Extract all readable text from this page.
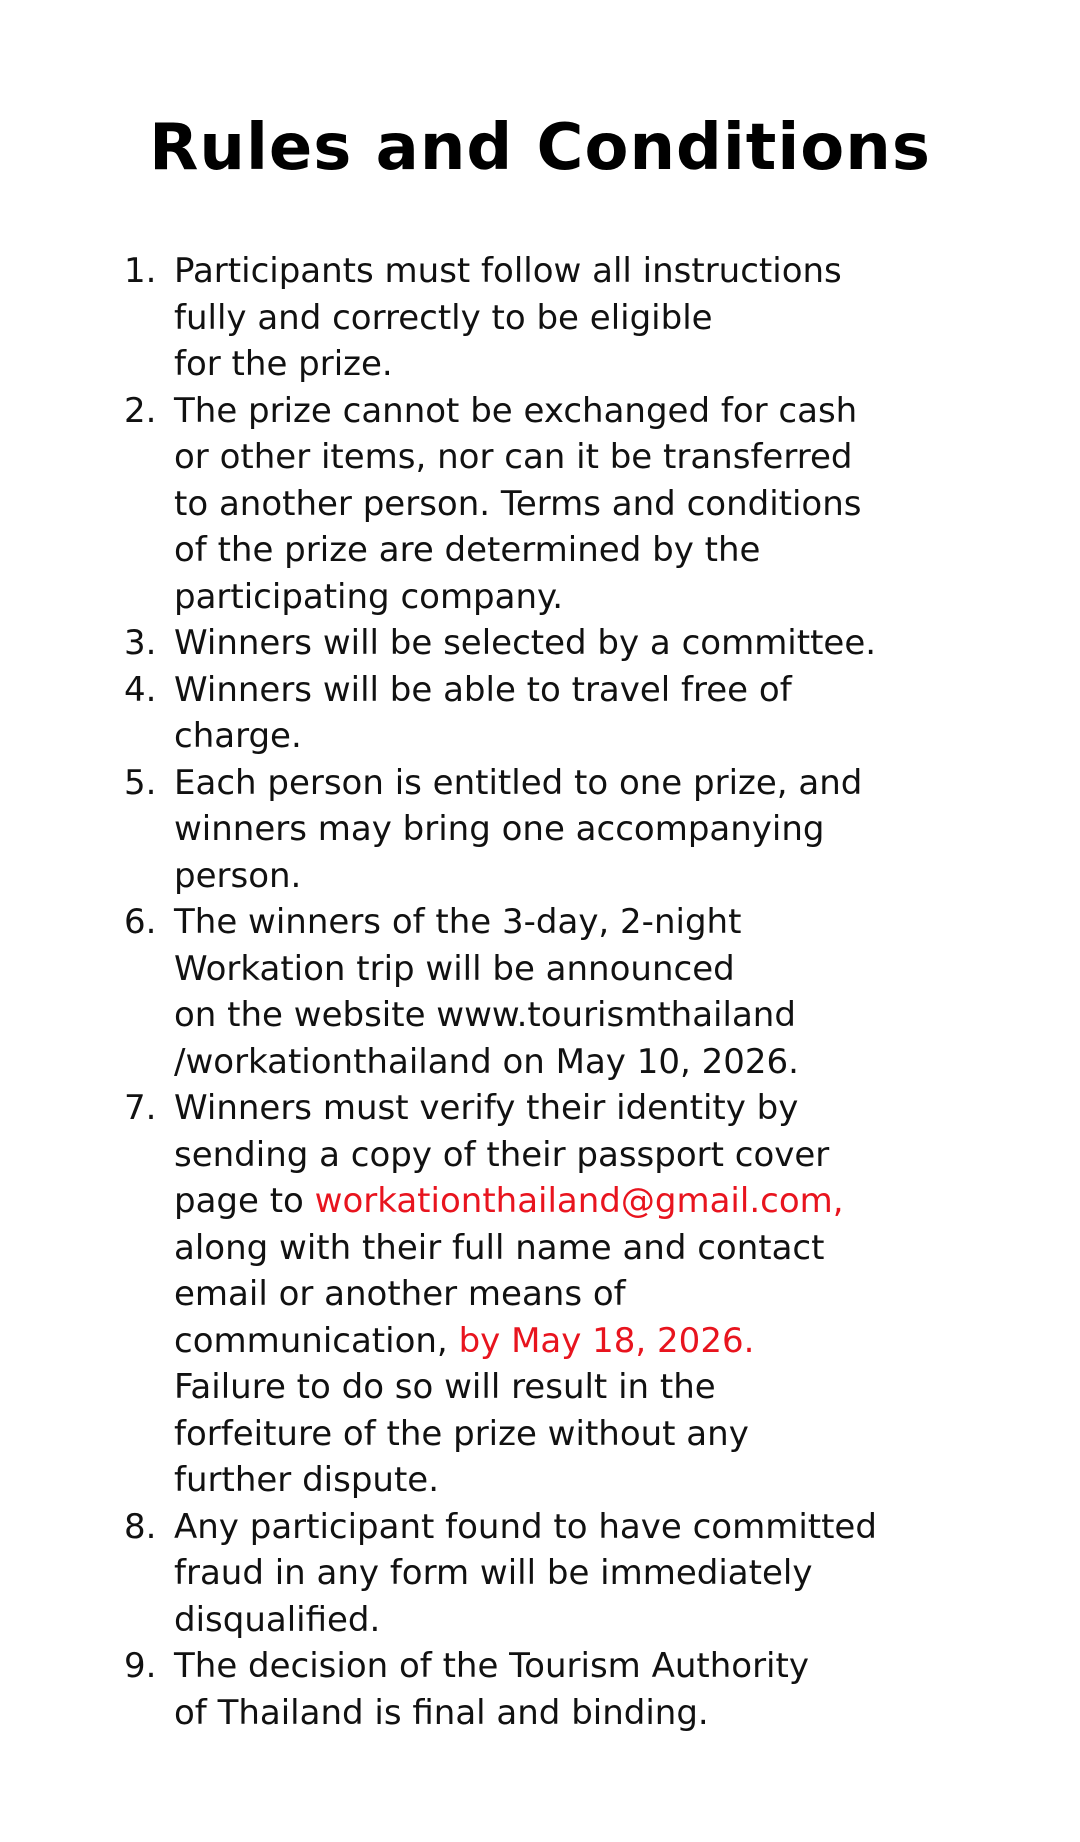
Rules and Conditions
1. Participants must follow all instructions
fully and correctly to be eligible
for the prize.
2. The prize cannot be exchanged for cash
or other items, nor can it be transferred
to another person. Terms and conditions
of the prize are determined by the
participating company.
3. Winners will be selected by a committee.
4. Winners will be able to travel free of
charge.
5. Each person is entitled to one prize, and
winners may bring one accompanying
person.
6. The winners of the 3-day, 2-night
Workation trip will be announced
on the website www.tourismthailand
/workationthailand on May 10, 2026.
7. Winners must verify their identity by
sending a copy of their passport cover
page to workationthailand@gmail.com,
along with their full name and contact
email or another means of
communication, by May 18, 2026.
Failure to do so will result in the
forfeiture of the prize without any
further dispute.
8. Any participant found to have committed
fraud in any form will be immediately
disqualified.
9. The decision of the Tourism Authority
of Thailand is final and binding.
